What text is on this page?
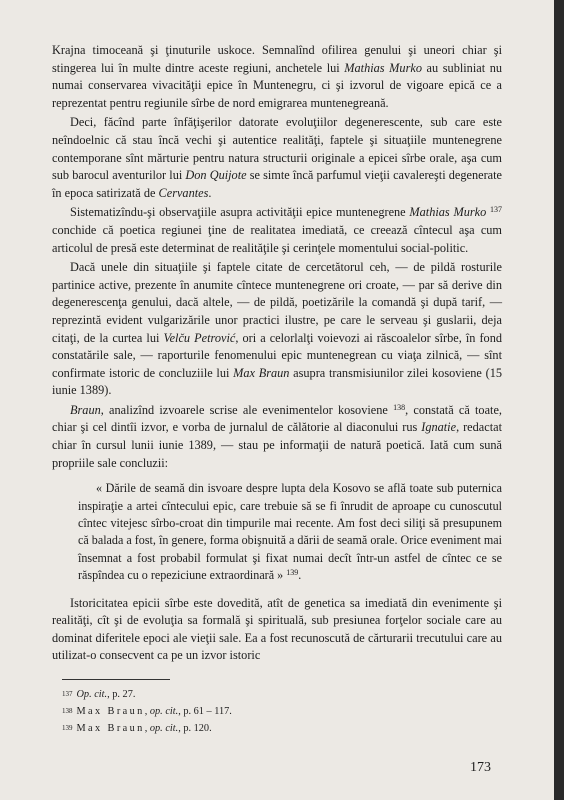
Krajna timoceană şi ţinuturile uskoce. Semnalînd ofilirea genului şi uneori chiar şi stingerea lui în multe dintre aceste regiuni, anchetele lui Mathias Murko au subliniat nu numai conservarea vivacităţii epice în Muntenegru, ci şi izvorul de vigoare epică ce a reprezentat pentru regiunile sîrbe de nord emigrarea muntenegreană.

Deci, făcînd parte înfăţişerilor datorate evoluţiilor degenerescente, sub care este neîndoelnic că stau încă vechi şi autentice realităţi, faptele şi situaţiile muntenegrene contemporane sînt mărturie pentru natura structurii originale a epicei sîrbe orale, aşa cum sub barocul aventurilor lui Don Quijote se simte încă parfumul vieţii cavalereşti degenerate în epoca satirizată de Cervantes.

Sistematizîndu-şi observaţiile asupra activităţii epice muntenegrene Mathias Murko $^{137}$ conchide că poetica regiunei ţine de realitatea imediată, ce creează cîntecul aşa cum articolul de presă este determinat de realităţile şi cerinţele momentului social-politic.

Dacă unele din situaţiile şi faptele citate de cercetătorul ceh, — de pildă rosturile partinice active, prezente în anumite cîntece muntenegrene ori croate, — par să derive din degenerescenţa genului, dacă altele, — de pildă, poetizările la comandă şi după tarif, — reprezintă evident vulgarizările unor practici ilustre, pe care le serveau şi guslarii, deja citaţi, de la curtea lui Velču Petrović, ori a celorlalţi voievozi ai răscoalelor sîrbe, în fond constatările sale, — raporturile fenomenului epic muntenegrean cu viaţa zilnică, — sînt confirmate istoric de concluziile lui Max Braun asupra transmisiunilor zilei kosoviene (15 iunie 1389).

Braun, analizînd izvoarele scrise ale evenimentelor kosoviene $^{138}$, constată că toate, chiar şi cel dintîi izvor, e vorba de jurnalul de călătorie al diaconului rus Ignatie, redactat chiar în cursul lunii iunie 1389, — stau pe informaţii de natură poetică. Iată cum sună propriile sale concluzii:

« Dările de seamă din isvoare despre lupta dela Kosovo se află toate sub puternica inspiraţie a artei cîntecului epic, care trebuie să se fi înrudit de aproape cu cunoscutul cîntec vitejesc sîrbo-croat din timpurile mai recente. Am fost deci siliţi să presupunem că balada a fost, în genere, forma obişnuită a dării de seamă orale. Orice eveniment mai însemnat a fost probabil formulat şi fixat numai decît într-un astfel de cîntec ce se răspîndea cu o repeziciune extraordinară » $^{139}$.

Istoricitatea epicii sîrbe este dovedită, atît de genetica sa imediată din evenimente şi realităţi, cît şi de evoluţia sa formală şi spirituală, sub presiunea forţelor sociale care au dominat diferitele epoci ale vieţii sale. Ea a fost recunoscută de cărturarii trecutului care au utilizat-o consecvent ca pe un izvor istoric

$^{137}$ Op. cit., p. 27.
$^{138}$ Max Braun, op. cit., p. 61 – 117.
$^{139}$ Max Braun, op. cit., p. 120.
173
